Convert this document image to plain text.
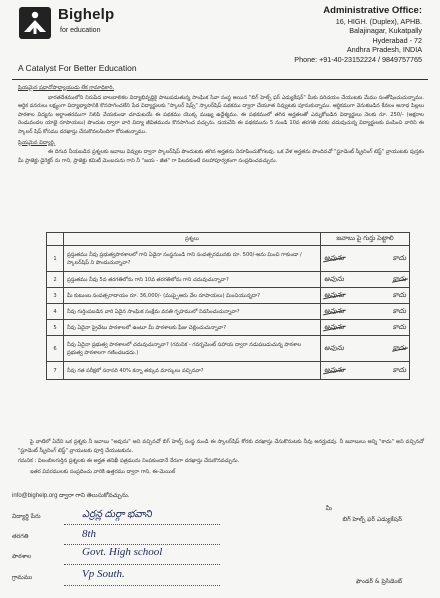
Bighelp
for education
A Catalyst For Better Education
Administrative Office:
16, HIGH. (Duplex), APHB.
Balajinagar, Kukatpally
Hyderabad - 72
Andhra Pradesh, INDIA
Phone: +91-40-23152224 / 9849757765

ప్రియమైన ప్రధానోపాధ్యాయుడు లేక గ్రామాధికారి,

భారతదేశములోని నిరుపేద బాలబాలికల విద్యాభివృద్ధికై పాటుపడుతున్న సాంఘిక సేవా సంస్థ అయిన "బిగ్ హెల్ప్ ఫర్ ఎడ్యుకేషన్" మీకు పరిచయం చేయుటకు మేము సంతోషించుచున్నాము. ఆర్థిక వనరులు లక్ష్యంగా విద్యాభ్యాసానికి కొనసాగించలేని పేద విద్యార్థులకు "స్కాలర్ షిప్స్" స్కాలర్‌షిప్ పథకము ద్వారా చేయూత నివ్వుటకు పూనుకున్నాము. ఆర్థికముగా వెనుకబడిన కేవలం అనాధ పిల్లలు పాఠశాల విద్యను అర్థాంతరముగా నిలిపి వేయకుండా చూడుటయే ఈ పథకము యొక్క ముఖ్య ఉద్దేశ్యము. ఈ పథకములో తగిన అర్హతలతో ఎన్నుకోబడిన విద్యార్థులు నెలకు రూ. 250/- (అక్షరాల రెండువందల యాభై రూపాయలు) పొందుట ద్వారా వారి విద్యా జీవితమును కొనసాగించ వచ్చును. దయచేసి ఈ పథకమును 5 నుండి 10వ తరగతి వరకు చదువుచున్న విద్యార్థులకు పంపించి వారిని ఈ స్కాలర్ షిప్ కోసము దరఖాస్తు చేసుకొవలసిందిగా కోరుతున్నాము.

ప్రియమైన విద్యార్థి,

ఈ దిగువ నీయబడిన ప్రశ్నలకు జవాబు వివ్వుట ద్వారా స్కాలర్‌షిప్ పొందుటకు తగిన అర్హతను నిరూపించుకోగలవు. ఒక వేళ అర్హతను పొందినచో "స్టూడెంట్ స్క్రీనింగ్ టెస్ట్" వ్రాయుటకు పుస్తకం మీ ప్రాజెక్టు డైరెక్టర్ ను గాని, ప్రాజెక్టు కమిటీ మెంబరును గాని నీ "జయ - జీత" గా పిలవకుంటే సలహాపూర్వకంగా సంప్రదించవచ్చును.

	ప్రశ్నలు	జవాబు పై గుర్తు పెట్టాలి
1	ప్రస్తుతము నీవు ప్రభుత్వపాఠశాలలో గాని ఏదైనా సంస్థనుండి గాని సంవత్సరమునకు రూ. 500/-అను మించి గాకుండా / స్కాలర్‌షిప్ ని పొందుచున్నావా?	అవును కాదు

2	ప్రస్తుతము నీవు 5వ తరగతిలోను గాని 10వ తరగతిలోను గాని చదువుచున్నావా?	అవును కాదు

3	మీ కుటుంబ సంపత్సరాదాయం రూ. 36,000/- (ముప్ఫైఆరు వేల రూపాయలు) మించియున్నదా?	అవును కాదు

4	నీవు గుర్తింపబడిన వారి ఏదైన సాంఘిక సంక్షేమ వసతి గృహములో నివసించుచున్నావా?	అవును కాదు

5	నీవు ఏదైనా ప్రైవేటు పాఠశాలలో ఉంటూ మీ పాఠశాలకు ఫీజు చెల్లించుచున్నావా?	అవును కాదు

6	నీవు ఏదైనా ప్రభుత్వ పాఠశాలలో చదువుచున్నావా? (గమనిక - గవర్నమెంట్ సహాయ ద్వారా నడుపబడుచున్న పాఠశాల ప్రభుత్వ పాఠశాలగా గణించబడదు.)	అవును కాదు

7	నీవు గత పరీక్షలో సరాసరి 40% కన్నా తక్కువ మార్కులు వచ్చినవా?	అవును కాదు

పై వాటిలో ఏదేని ఒక ప్రశ్నకు నీ జవాబు "అవును" అని వచ్చినచో బిగ్ హెల్ప్ సంస్థ నుండి ఈ స్కాలర్‌షిప్ కోరకు దరఖాస్తు చేసుకొనుటకు నీవు అనర్హుడవు. నీ జవాబులు అన్ని "కాదు" అని వచ్చినచో "స్టూడెంట్ స్క్రీనింగ్ టెస్ట్" వ్రాయుటకు పూర్తి చేయుటకును.

గమనిక : విలంబిలగుర్తిన ప్రశ్నలకు ఈ అర్హత తనిఖీ పత్రమును నింపకుండానే నేరుగా దరఖాస్తు చేసుకొనవచ్చును.

ఇతర వివరములకు సంప్రదించు వారికి ఉత్తరము ద్వారా గాని, ఈ-మెయిల్

info@bighelp.org ద్వారా గాని తెలుసుకోవచ్చును.
విద్యార్థి పేరు	ఎర్రన్ల దుర్గా భవాని
తరగతి	8th
పాఠశాల	Govt. High school
గ్రామము	Vp South.
మీ
బిగ్ హెల్ప్ ఫర్ ఎడ్యుకేషన్
ఫౌండర్ & ప్రెసిడెంట్
